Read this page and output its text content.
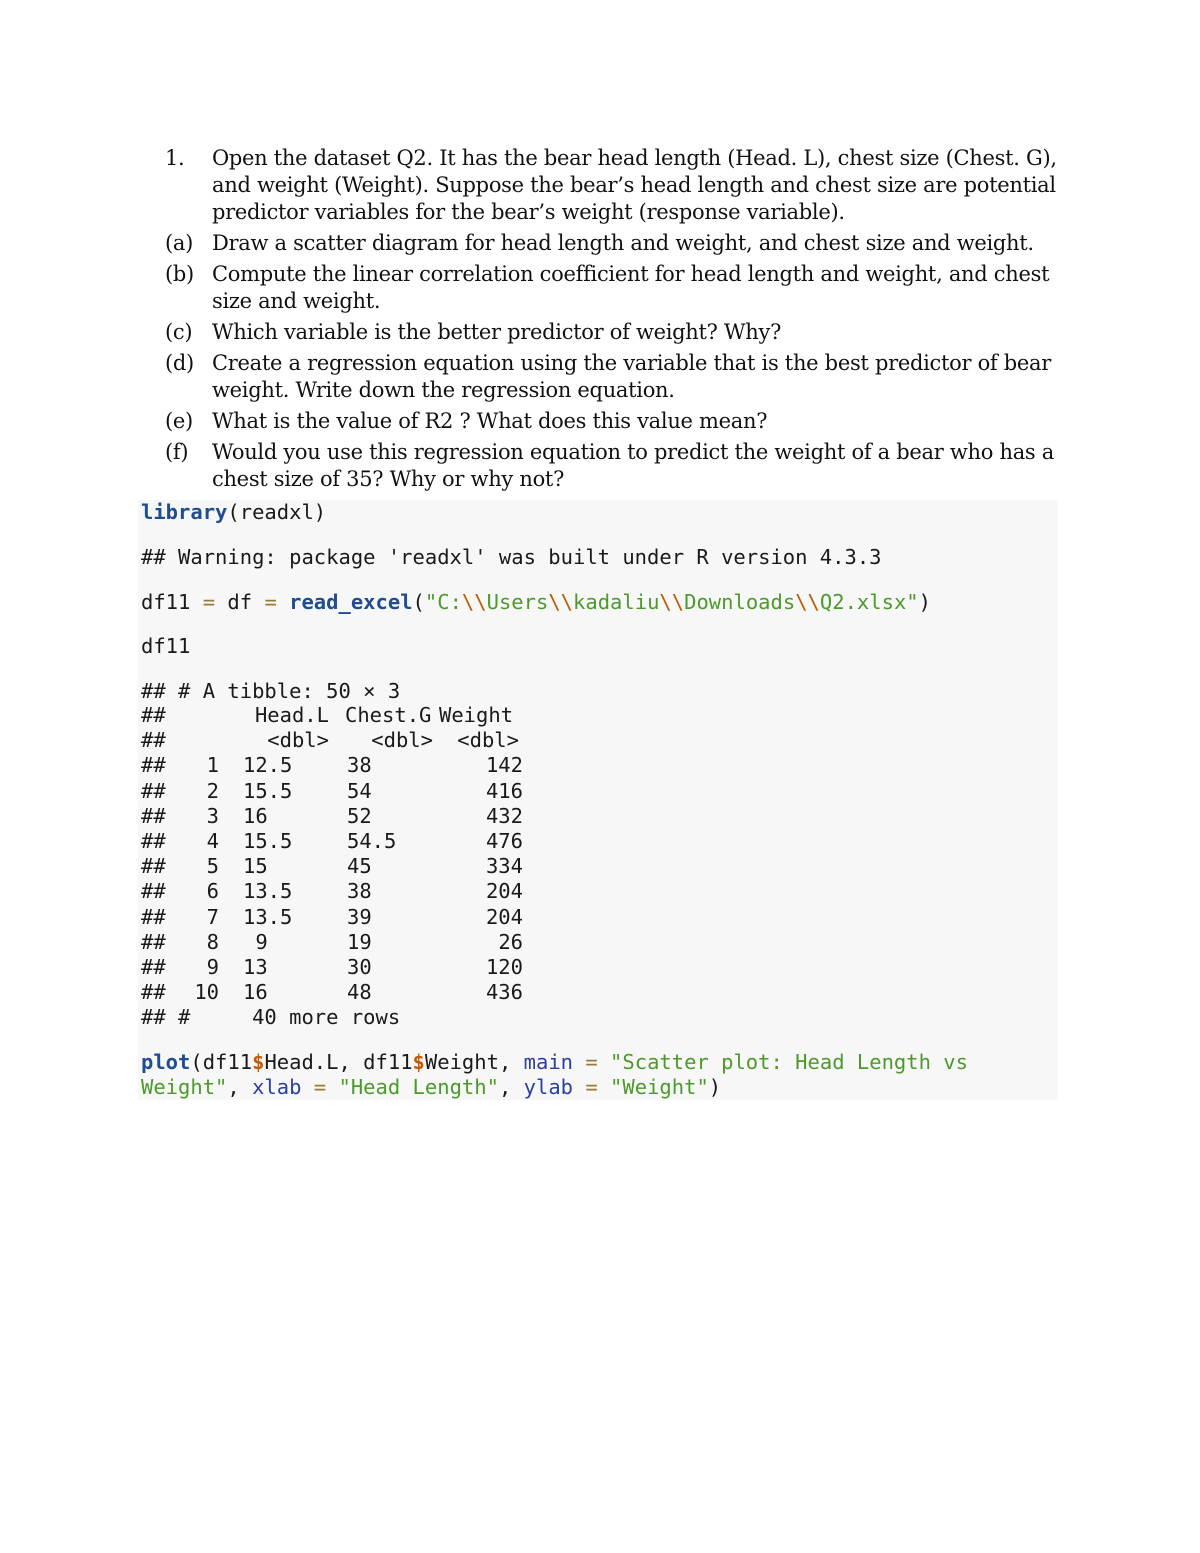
1. Open the dataset Q2. It has the bear head length (Head. L), chest size (Chest. G), and weight (Weight). Suppose the bear’s head length and chest size are potential predictor variables for the bear’s weight (response variable).
(a) Draw a scatter diagram for head length and weight, and chest size and weight.
(b) Compute the linear correlation coefficient for head length and weight, and chest size and weight.
(c) Which variable is the better predictor of weight? Why?
(d) Create a regression equation using the variable that is the best predictor of bear weight. Write down the regression equation.
(e) What is the value of R2 ? What does this value mean?
(f) Would you use this regression equation to predict the weight of a bear who has a chest size of 35? Why or why not?
library(readxl)
## Warning: package 'readxl' was built under R version 4.3.3
df11 = df = read_excel("C:\\Users\\kadaliu\\Downloads\\Q2.xlsx")
df11
## # A tibble: 50 × 3
##	Head.L Chest.G Weight
##	<dbl>	<dbl>	<dbl>
##	1	12.5	38	142
##	2	15.5	54	416
##	3	16	52	432
##	4	15.5	54.5	476
##	5	15	45	334
##	6	13.5	38	204
##	7	13.5	39	204
##	8	9	19	26
##	9	13	30	120
##	10	16	48	436
## #     40 more rows
plot(df11$Head.L, df11$Weight, main = "Scatter plot: Head Length vs
Weight", xlab = "Head Length", ylab = "Weight")
